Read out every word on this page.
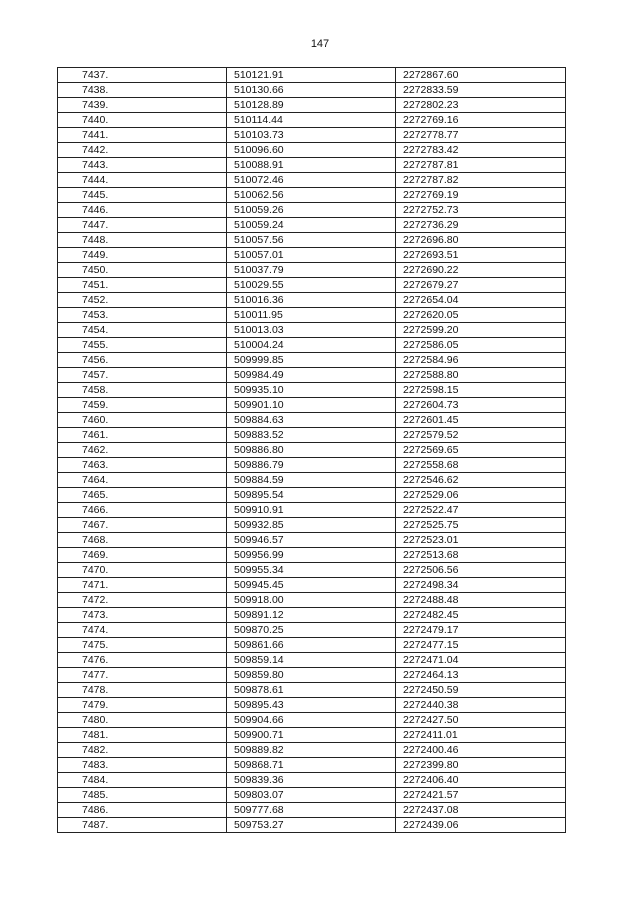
147
7437.	510121.91	2272867.60
7438.	510130.66	2272833.59
7439.	510128.89	2272802.23
7440.	510114.44	2272769.16
7441.	510103.73	2272778.77
7442.	510096.60	2272783.42
7443.	510088.91	2272787.81
7444.	510072.46	2272787.82
7445.	510062.56	2272769.19
7446.	510059.26	2272752.73
7447.	510059.24	2272736.29
7448.	510057.56	2272696.80
7449.	510057.01	2272693.51
7450.	510037.79	2272690.22
7451.	510029.55	2272679.27
7452.	510016.36	2272654.04
7453.	510011.95	2272620.05
7454.	510013.03	2272599.20
7455.	510004.24	2272586.05
7456.	509999.85	2272584.96
7457.	509984.49	2272588.80
7458.	509935.10	2272598.15
7459.	509901.10	2272604.73
7460.	509884.63	2272601.45
7461.	509883.52	2272579.52
7462.	509886.80	2272569.65
7463.	509886.79	2272558.68
7464.	509884.59	2272546.62
7465.	509895.54	2272529.06
7466.	509910.91	2272522.47
7467.	509932.85	2272525.75
7468.	509946.57	2272523.01
7469.	509956.99	2272513.68
7470.	509955.34	2272506.56
7471.	509945.45	2272498.34
7472.	509918.00	2272488.48
7473.	509891.12	2272482.45
7474.	509870.25	2272479.17
7475.	509861.66	2272477.15
7476.	509859.14	2272471.04
7477.	509859.80	2272464.13
7478.	509878.61	2272450.59
7479.	509895.43	2272440.38
7480.	509904.66	2272427.50
7481.	509900.71	2272411.01
7482.	509889.82	2272400.46
7483.	509868.71	2272399.80
7484.	509839.36	2272406.40
7485.	509803.07	2272421.57
7486.	509777.68	2272437.08
7487.	509753.27	2272439.06
